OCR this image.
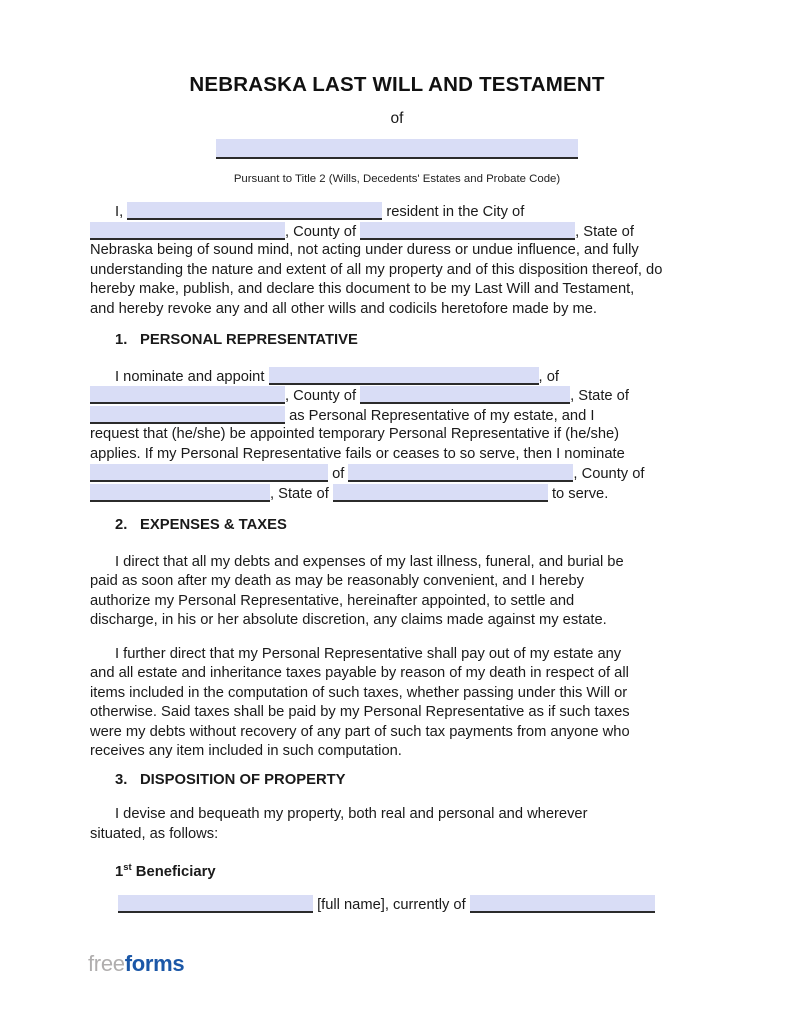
NEBRASKA LAST WILL AND TESTAMENT
of
Pursuant to Title 2 (Wills, Decedents' Estates and Probate Code)
I,	resident in the City of
, County of	, State of
Nebraska being of sound mind, not acting under duress or undue influence, and fully
understanding the nature and extent of all my property and of this disposition thereof, do
hereby make, publish, and declare this document to be my Last Will and Testament,
and hereby revoke any and all other wills and codicils heretofore made by me.
1. PERSONAL REPRESENTATIVE
I nominate and appoint	, of
, County of	, State of
as Personal Representative of my estate, and I
request that (he/she) be appointed temporary Personal Representative if (he/she)
applies. If my Personal Representative fails or ceases to so serve, then I nominate
of	, County of
, State of	to serve.
2. EXPENSES & TAXES
I direct that all my debts and expenses of my last illness, funeral, and burial be
paid as soon after my death as may be reasonably convenient, and I hereby
authorize my Personal Representative, hereinafter appointed, to settle and
discharge, in his or her absolute discretion, any claims made against my estate.
I further direct that my Personal Representative shall pay out of my estate any
and all estate and inheritance taxes payable by reason of my death in respect of all
items included in the computation of such taxes, whether passing under this Will or
otherwise. Said taxes shall be paid by my Personal Representative as if such taxes
were my debts without recovery of any part of such tax payments from anyone who
receives any item included in such computation.
3. DISPOSITION OF PROPERTY
I devise and bequeath my property, both real and personal and wherever
situated, as follows:
1st Beneficiary
[full name], currently of
freeforms
